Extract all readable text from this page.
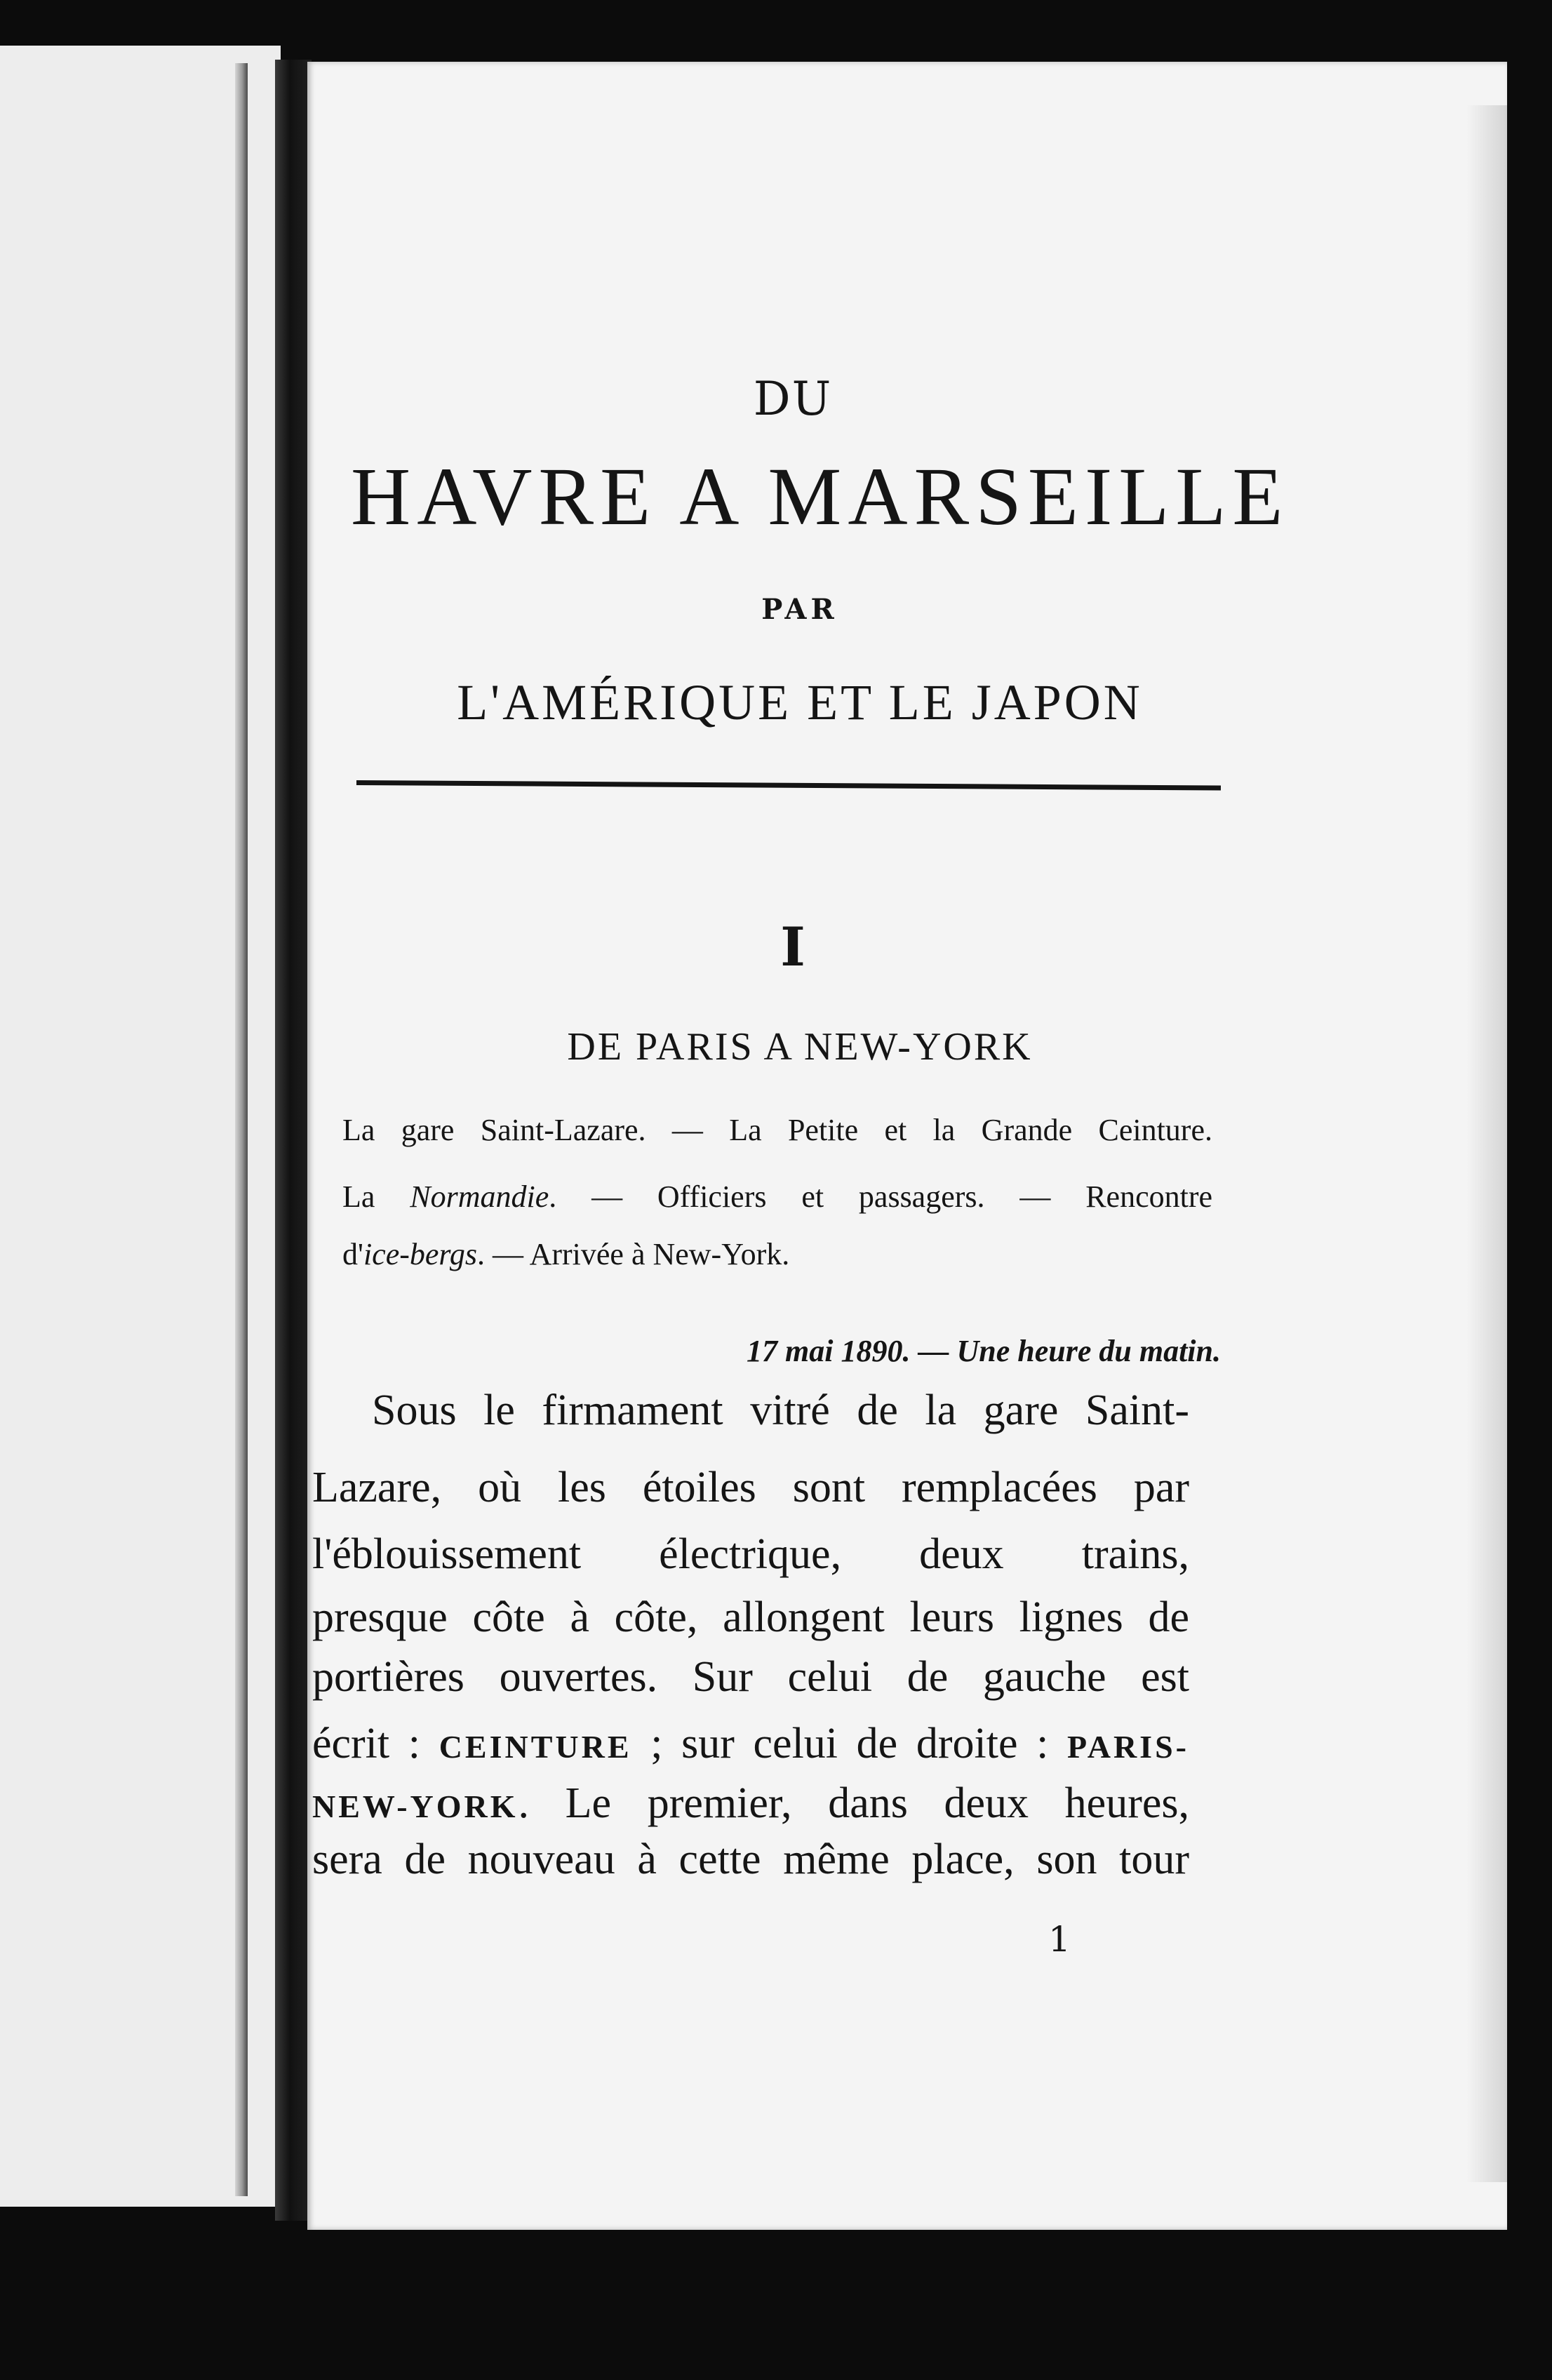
DU
HAVRE A MARSEILLE
PAR
L'AMÉRIQUE ET LE JAPON
I
DE PARIS A NEW-YORK
La gare Saint-Lazare. — La Petite et la Grande Ceinture.
La Normandie. — Officiers et passagers. — Rencontre
d'ice-bergs. — Arrivée à New-York.
17 mai 1890. — Une heure du matin.
Sous le firmament vitré de la gare Saint-
Lazare, où les étoiles sont remplacées par
l'éblouissement électrique, deux trains,
presque côte à côte, allongent leurs lignes de
portières ouvertes. Sur celui de gauche est
écrit : CEINTURE ; sur celui de droite : PARIS-
NEW-YORK. Le premier, dans deux heures,
sera de nouveau à cette même place, son tour
1
